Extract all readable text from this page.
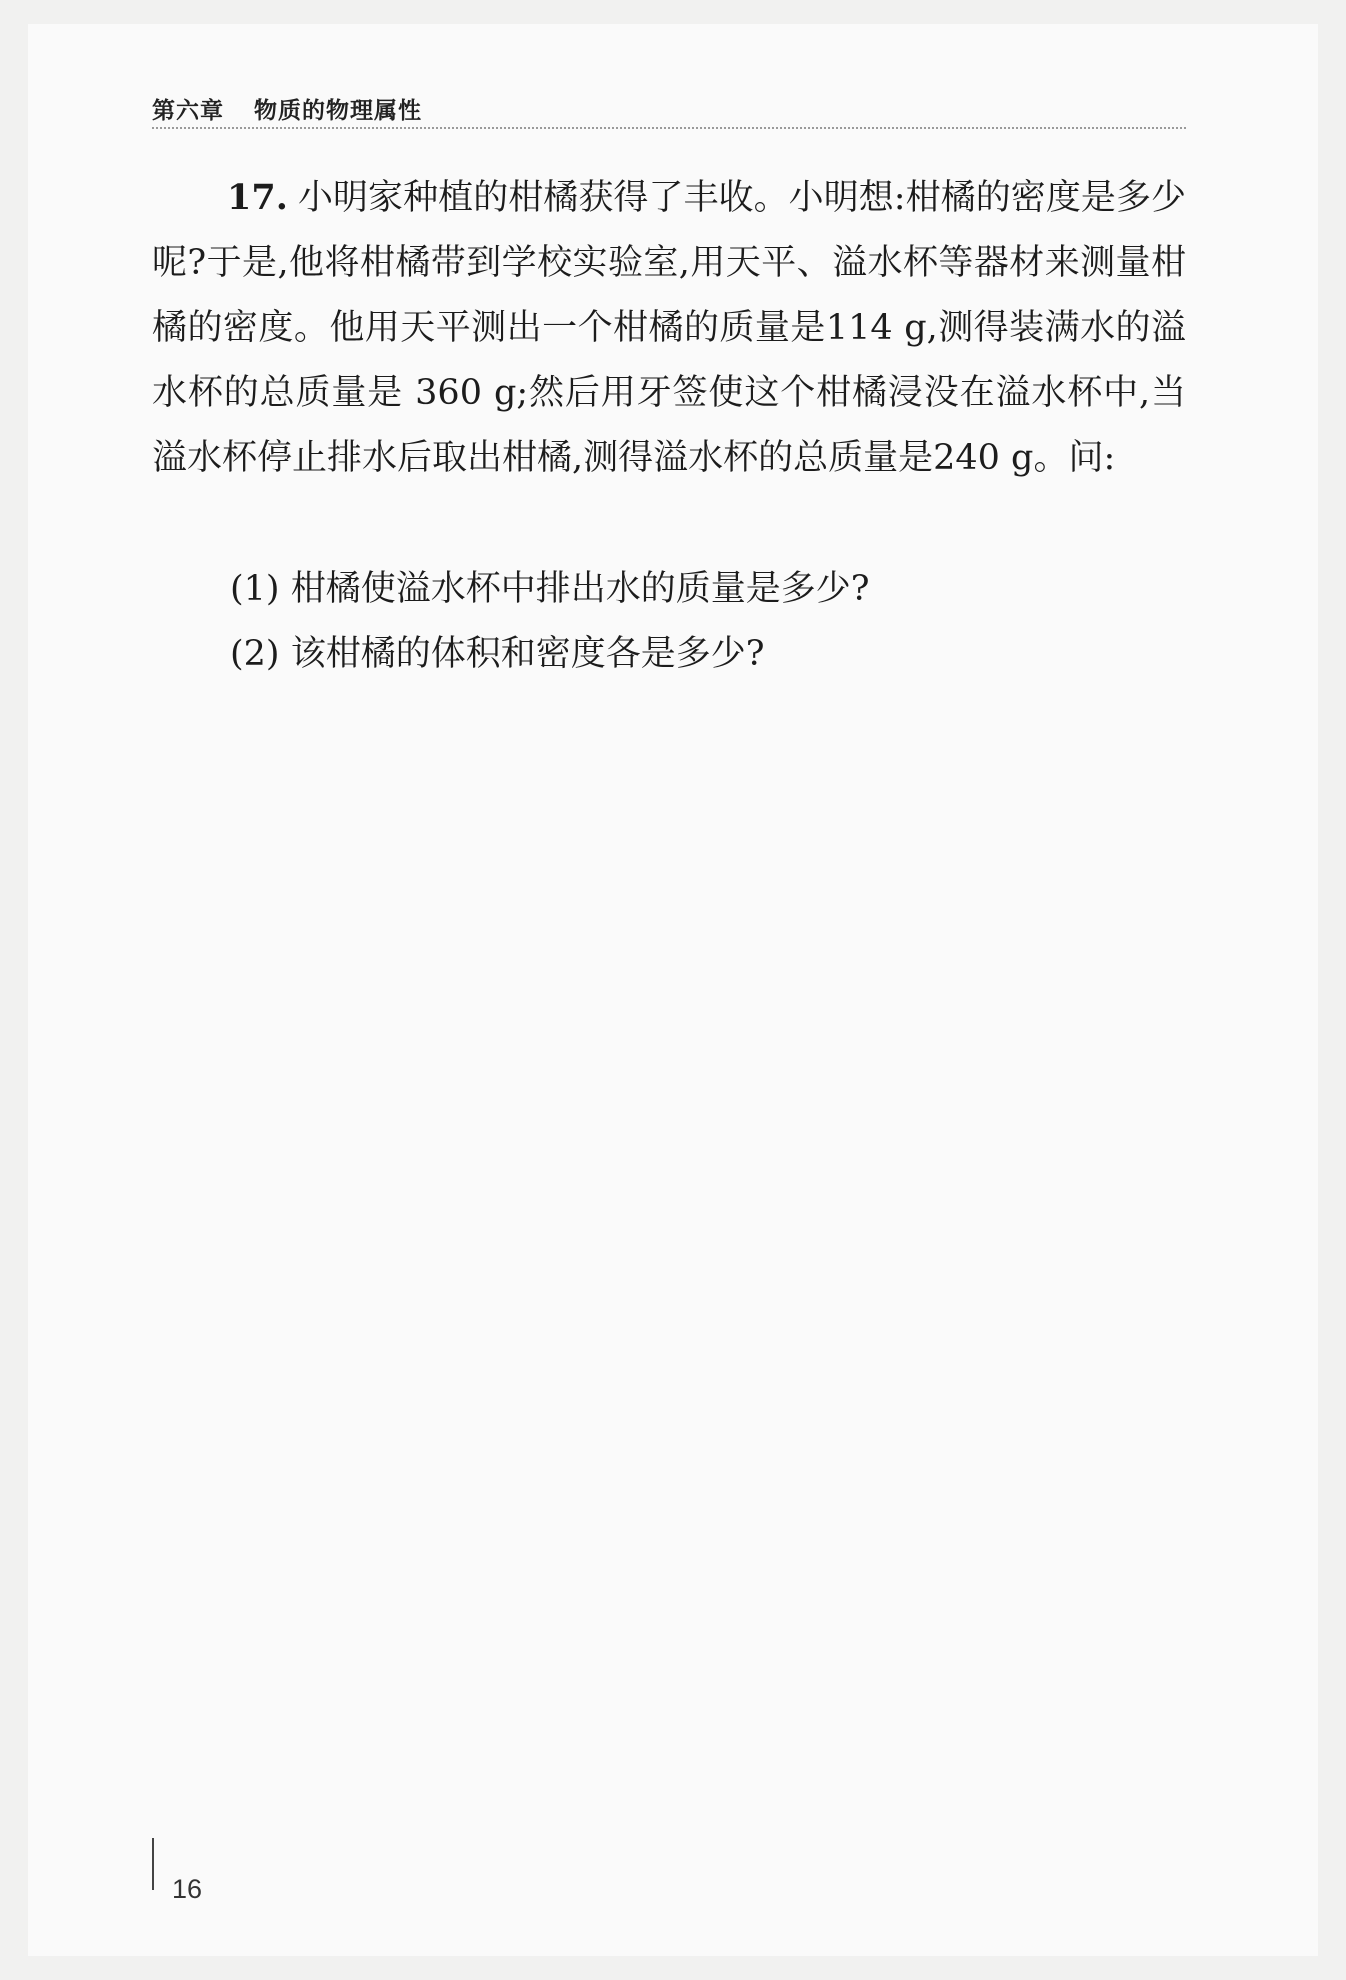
第六章 物质的物理属性
17. 小明家种植的柑橘获得了丰收。小明想:柑橘的密度是多少呢?于是,他将柑橘带到学校实验室,用天平、溢水杯等器材来测量柑橘的密度。他用天平测出一个柑橘的质量是114 g,测得装满水的溢水杯的总质量是 360 g;然后用牙签使这个柑橘浸没在溢水杯中,当溢水杯停止排水后取出柑橘,测得溢水杯的总质量是240 g。问:
(1) 柑橘使溢水杯中排出水的质量是多少?
(2) 该柑橘的体积和密度各是多少?
16
